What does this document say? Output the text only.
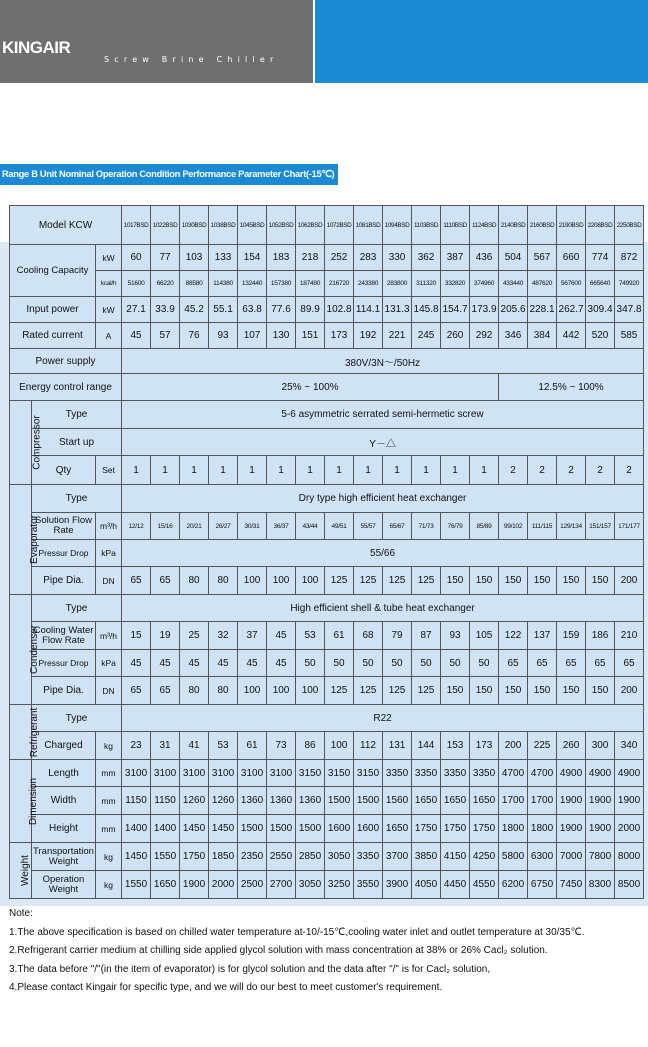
KINGAIR
Screw Brine Chiller
Range B Unit Nominal Operation Condition Performance Parameter Chart(-15℃)
Model KCW			1017BSD	1022BSD	1030BSD	1038BSD	1045BSD	1052BSD	1062BSD	1072BSD	1081BSD	1094BSD	1103BSD	1110BSD	1124BSD	2140BSD	2160BSD	2190BSD	2208BSD	2250BSD
Cooling Capacity		kW	60	77	103	133	154	183	218	252	283	330	362	387	436	504	567	660	774	872
		kcal/h	51600	66220	88580	114380	132440	157380	187480	216720	243380	283800	311320	332820	374960	433440	487620	567600	665640	749920
Input power		kW	27.1	33.9	45.2	55.1	63.8	77.6	89.9	102.8	114.1	131.3	145.8	154.7	173.9	205.6	228.1	262.7	309.4	347.8
Rated current		A	45	57	76	93	107	130	151	173	192	221	245	260	292	346	384	442	520	585
Power supply			380V/3N～/50Hz																	
Energy control range			25% ~ 100%													12.5% ~ 100%				
Compressor	Type		5-6 asymmetric serrated semi-hermetic screw																	
	Start up		Y－△																	
	Qty	Set	1	1	1	1	1	1	1	1	1	1	1	1	1	2	2	2	2	2
Evaporator	Type		Dry type high efficient heat exchanger																	
	Solution Flow Rate	m³/h	12/12	15/16	20/21	26/27	30/31	36/37	43/44	49/51	55/57	65/67	71/73	76/79	85/89	99/102	111/115	129/134	151/157	171/177
	Pressur Drop	kPa	55/66																	
	Pipe Dia.	DN	65	65	80	80	100	100	100	125	125	125	125	150	150	150	150	150	150	200
Condenser	Type		High efficient shell & tube heat exchanger																	
	Cooling Water Flow Rate	m³/h	15	19	25	32	37	45	53	61	68	79	87	93	105	122	137	159	186	210
	Pressur Drop	kPa	45	45	45	45	45	45	50	50	50	50	50	50	50	65	65	65	65	65
	Pipe Dia.	DN	65	65	80	80	100	100	100	125	125	125	125	150	150	150	150	150	150	200
Refrigerant	Type		R22																	
	Charged	kg	23	31	41	53	61	73	86	100	112	131	144	153	173	200	225	260	300	340
Dimension	Length	mm	3100	3100	3100	3100	3100	3100	3150	3150	3150	3350	3350	3350	3350	4700	4700	4900	4900	4900
	Width	mm	1150	1150	1260	1260	1360	1360	1360	1500	1500	1560	1650	1650	1650	1700	1700	1900	1900	1900
	Height	mm	1400	1400	1450	1450	1500	1500	1500	1600	1600	1650	1750	1750	1750	1800	1800	1900	1900	2000
Weight	Transportation Weight	kg	1450	1550	1750	1850	2350	2550	2850	3050	3350	3700	3850	4150	4250	5800	6300	7000	7800	8000
	Operation Weight	kg	1550	1650	1900	2000	2500	2700	3050	3250	3550	3900	4050	4450	4550	6200	6750	7450	8300	8500
Note:
1.The above specification is based on chilled water temperature at-10/-15℃,cooling water inlet and outlet temperature at 30/35℃.
2.Refrigerant carrier medium at chilling side applied glycol solution with mass concentration at 38% or 26% Cacl₂ solution.
3.The data before "/"(in the item of evaporator) is for glycol solution and the data after "/" is for Cacl₂ solution,
4.Please contact Kingair for specific type, and we will do our best to meet customer's requirement.
